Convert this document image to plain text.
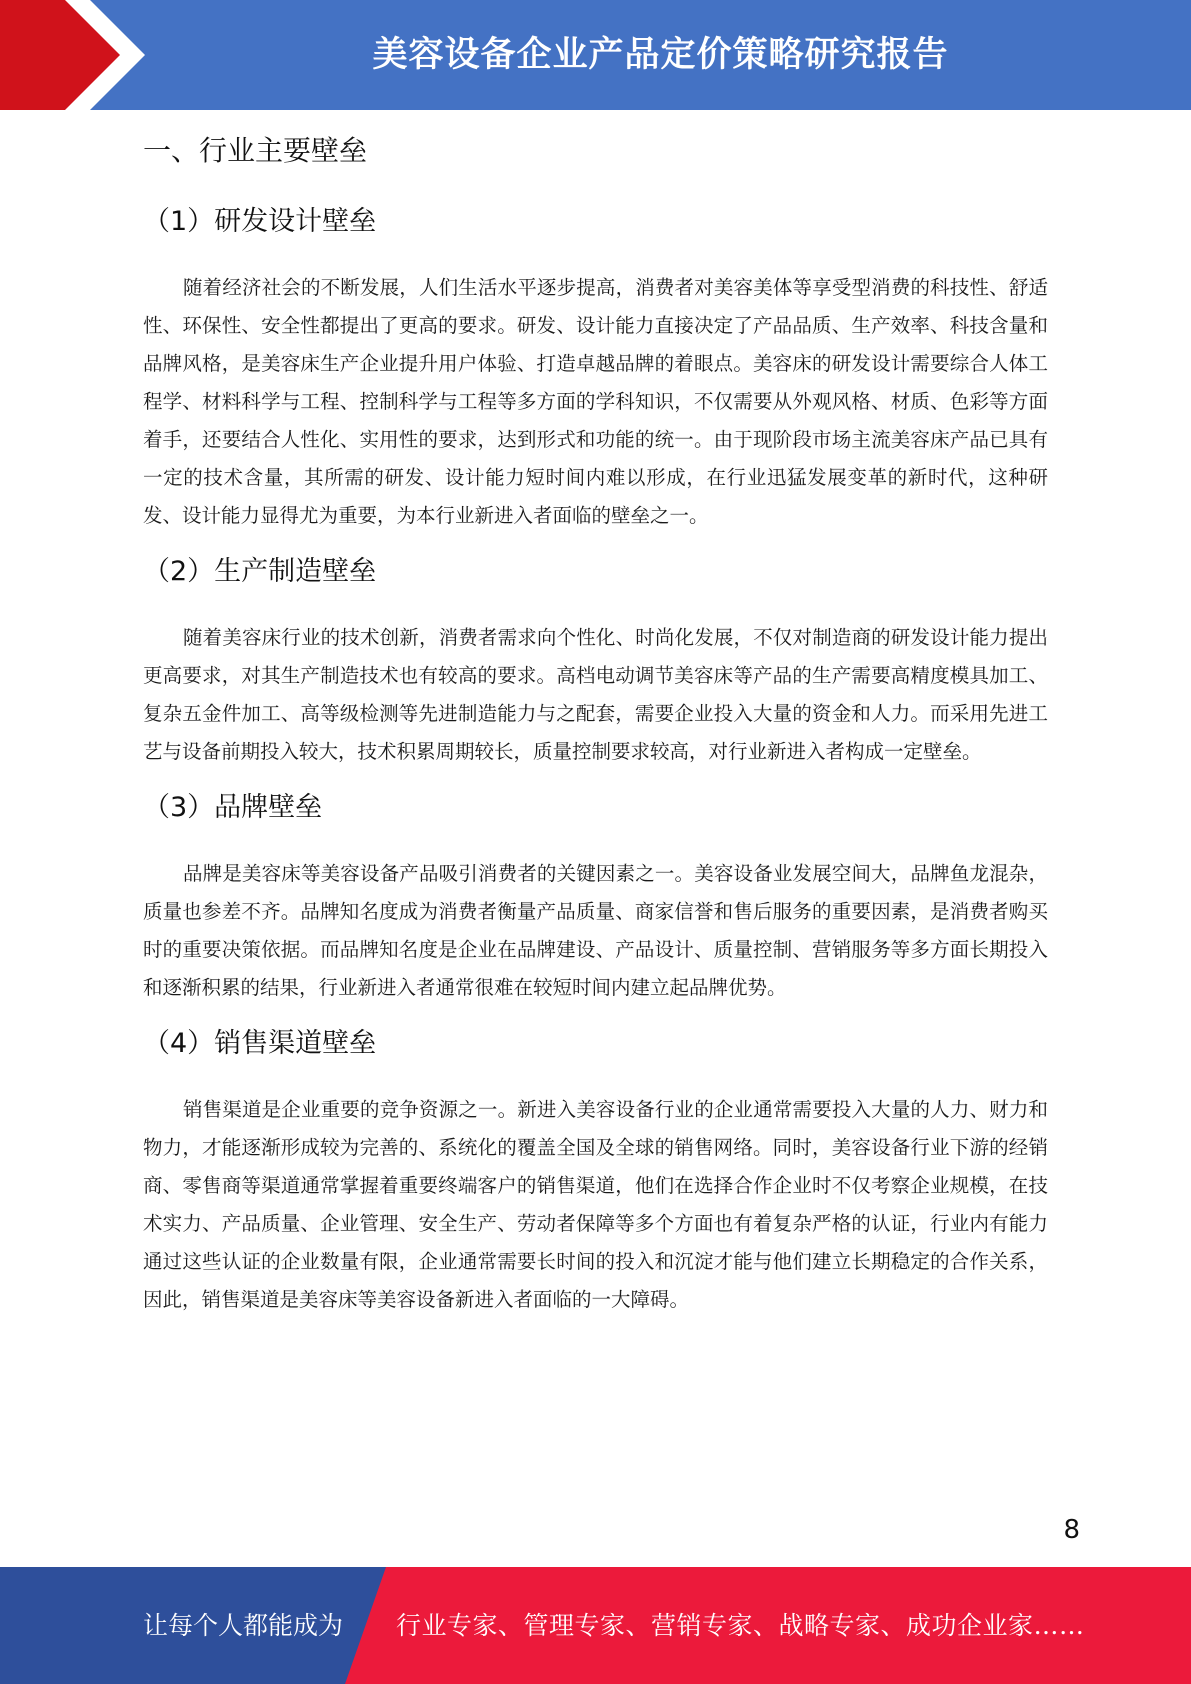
美容设备企业产品定价策略研究报告
一、行业主要壁垒
（1）研发设计壁垒

随着经济社会的不断发展，人们生活水平逐步提高，消费者对美容美体等享受型消费的科技性、舒适性、环保性、安全性都提出了更高的要求。研发、设计能力直接决定了产品品质、生产效率、科技含量和品牌风格，是美容床生产企业提升用户体验、打造卓越品牌的着眼点。美容床的研发设计需要综合人体工程学、材料科学与工程、控制科学与工程等多方面的学科知识，不仅需要从外观风格、材质、色彩等方面着手，还要结合人性化、实用性的要求，达到形式和功能的统一。由于现阶段市场主流美容床产品已具有一定的技术含量，其所需的研发、设计能力短时间内难以形成，在行业迅猛发展变革的新时代，这种研发、设计能力显得尤为重要，为本行业新进入者面临的壁垒之一。

（2）生产制造壁垒

随着美容床行业的技术创新，消费者需求向个性化、时尚化发展，不仅对制造商的研发设计能力提出更高要求，对其生产制造技术也有较高的要求。高档电动调节美容床等产品的生产需要高精度模具加工、复杂五金件加工、高等级检测等先进制造能力与之配套，需要企业投入大量的资金和人力。而采用先进工艺与设备前期投入较大，技术积累周期较长，质量控制要求较高，对行业新进入者构成一定壁垒。

（3）品牌壁垒

品牌是美容床等美容设备产品吸引消费者的关键因素之一。美容设备业发展空间大，品牌鱼龙混杂，质量也参差不齐。品牌知名度成为消费者衡量产品质量、商家信誉和售后服务的重要因素，是消费者购买时的重要决策依据。而品牌知名度是企业在品牌建设、产品设计、质量控制、营销服务等多方面长期投入和逐渐积累的结果，行业新进入者通常很难在较短时间内建立起品牌优势。

（4）销售渠道壁垒

销售渠道是企业重要的竞争资源之一。新进入美容设备行业的企业通常需要投入大量的人力、财力和物力，才能逐渐形成较为完善的、系统化的覆盖全国及全球的销售网络。同时，美容设备行业下游的经销商、零售商等渠道通常掌握着重要终端客户的销售渠道，他们在选择合作企业时不仅考察企业规模，在技术实力、产品质量、企业管理、安全生产、劳动者保障等多个方面也有着复杂严格的认证，行业内有能力通过这些认证的企业数量有限，企业通常需要长时间的投入和沉淀才能与他们建立长期稳定的合作关系，因此，销售渠道是美容床等美容设备新进入者面临的一大障碍。

8
让每个人都能成为 行业专家、管理专家、营销专家、战略专家、成功企业家……
